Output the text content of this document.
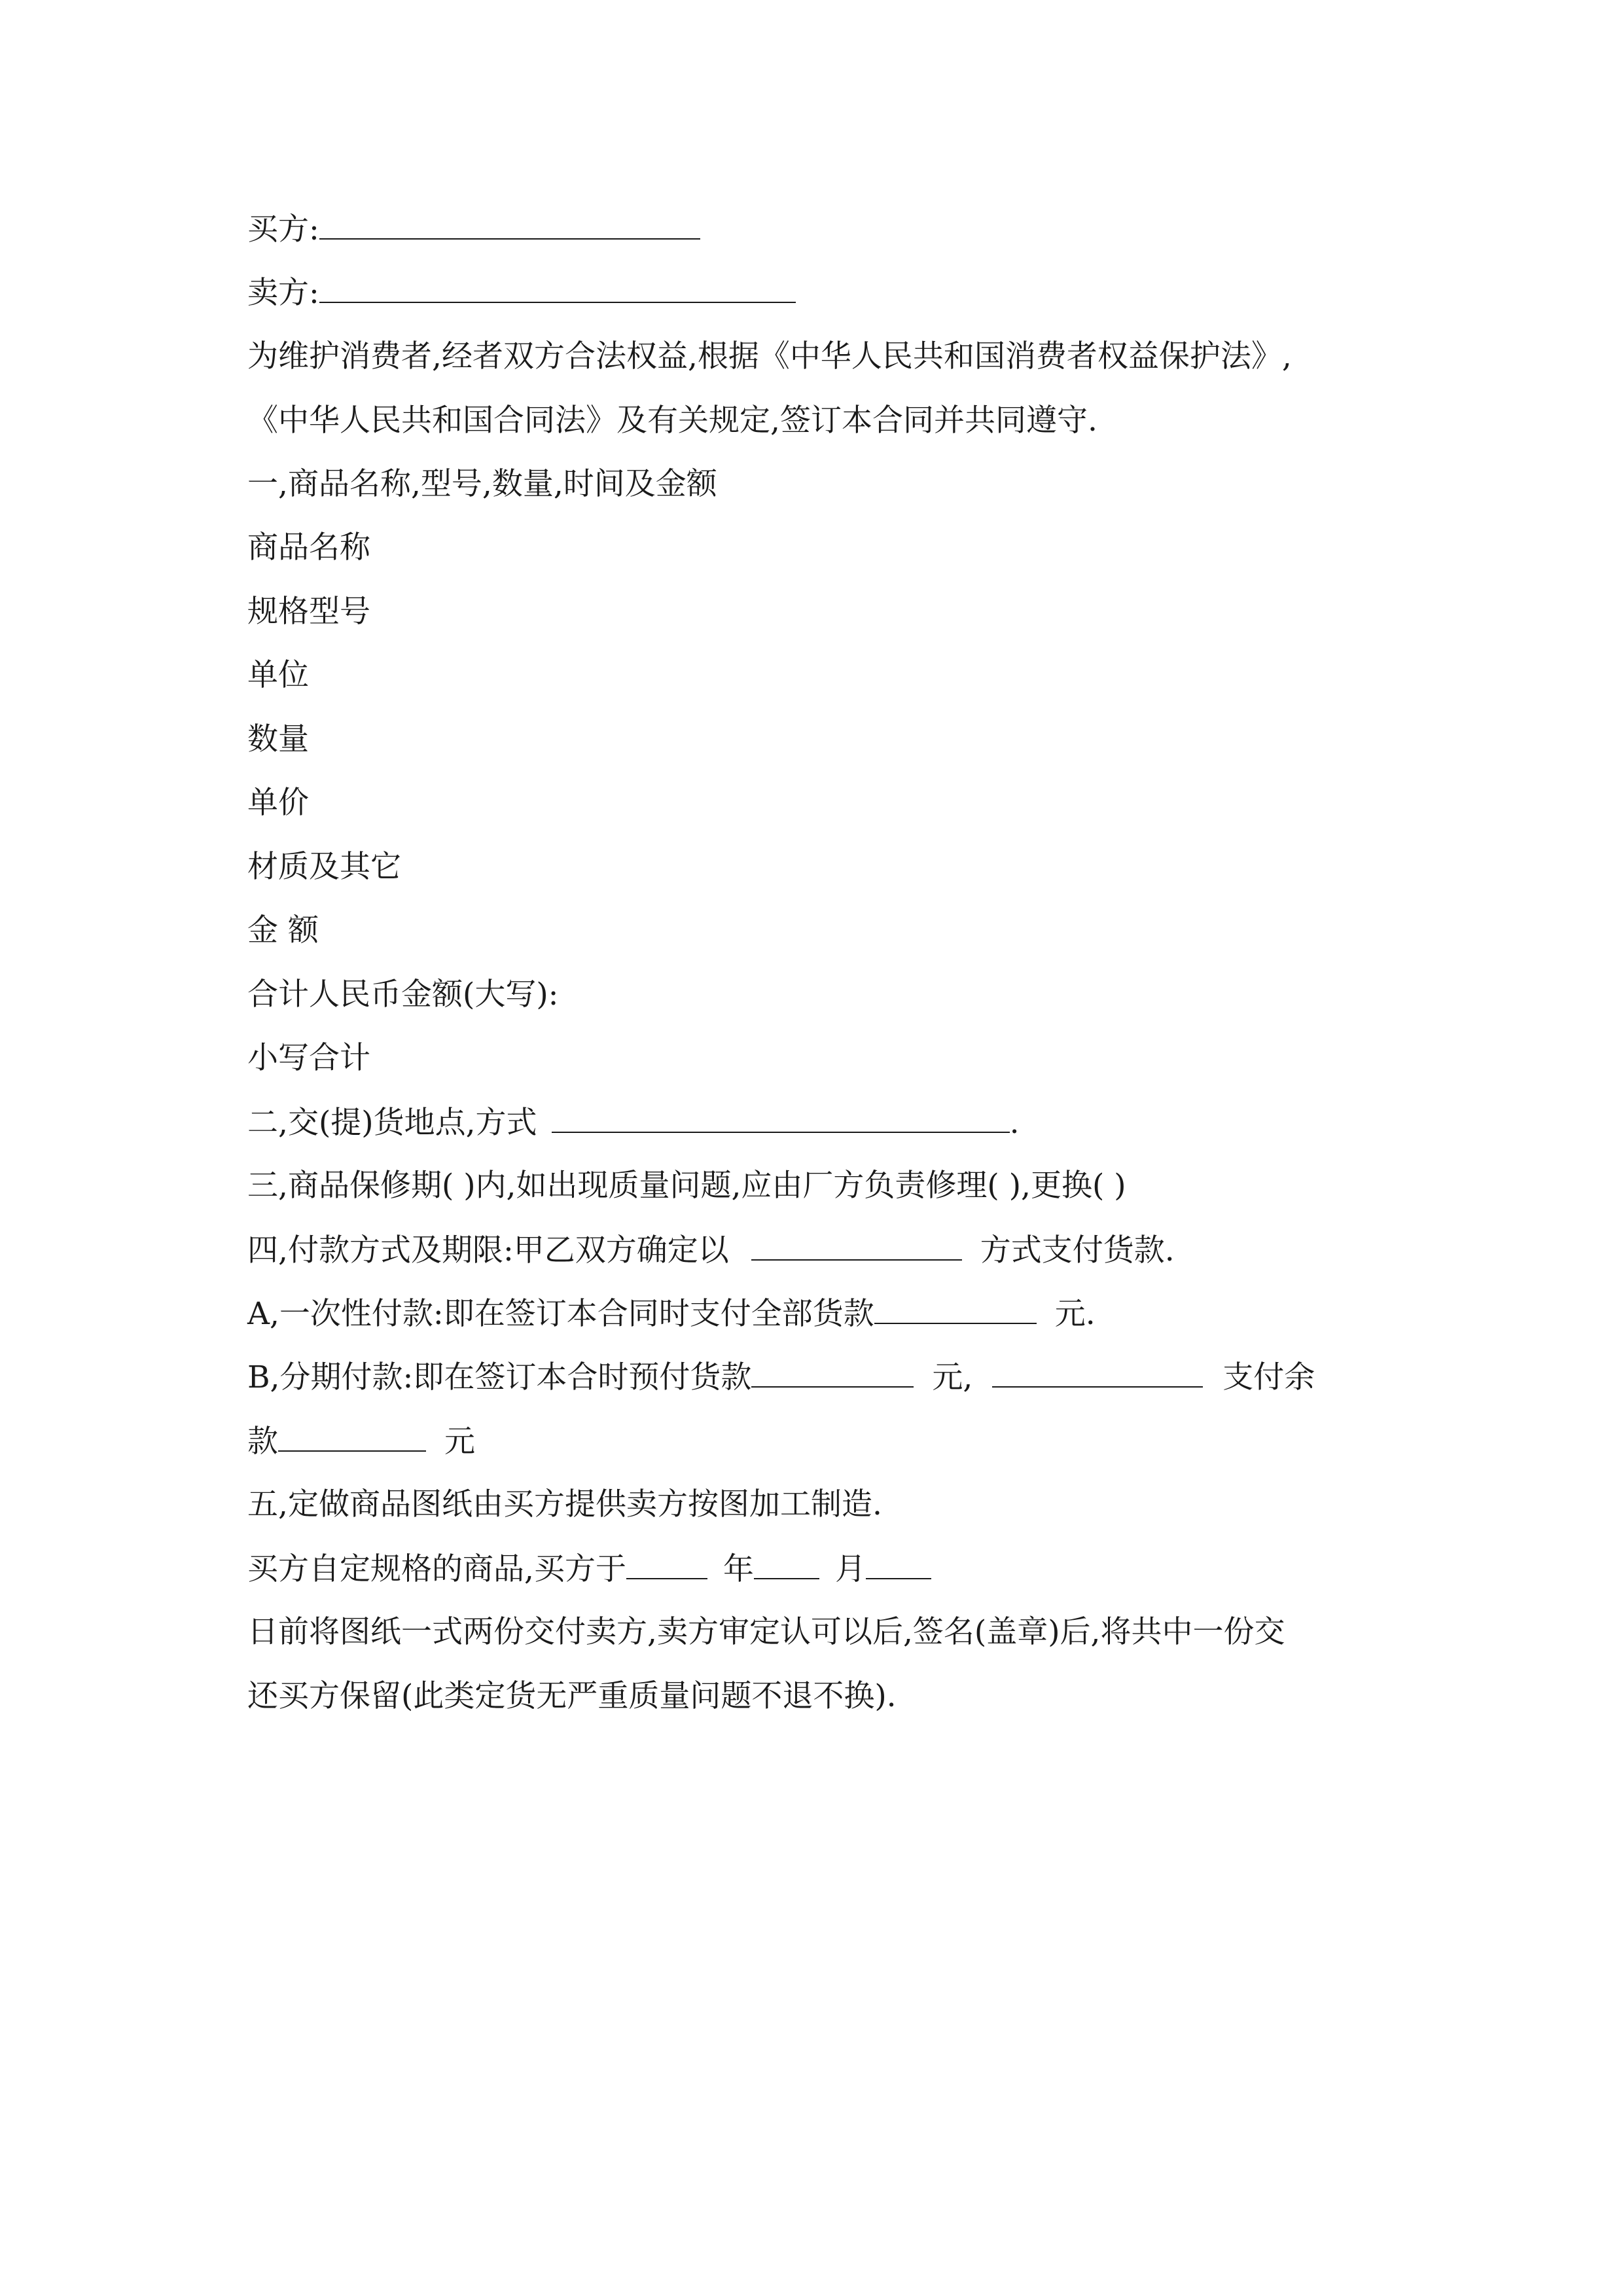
买方:
卖方:
为维护消费者,经者双方合法权益,根据《中华人民共和国消费者权益保护法》,
《中华人民共和国合同法》及有关规定,签订本合同并共同遵守.
一,商品名称,型号,数量,时间及金额
商品名称
规格型号
单位
数量
单价
材质及其它
金 额
合计人民币金额(大写):
小写合计
二,交(提)货地点,方式	.
三,商品保修期( )内,如出现质量问题,应由厂方负责修理( ),更换( )
四,付款方式及期限:甲乙双方确定以	方式支付货款.
A,一次性付款:即在签订本合同时支付全部货款	元.
B,分期付款:即在签订本合时预付货款	元,	支付余
款	元
五,定做商品图纸由买方提供卖方按图加工制造.
买方自定规格的商品,买方于	年	月
日前将图纸一式两份交付卖方,卖方审定认可以后,签名(盖章)后,将共中一份交
还买方保留(此类定货无严重质量问题不退不换).
